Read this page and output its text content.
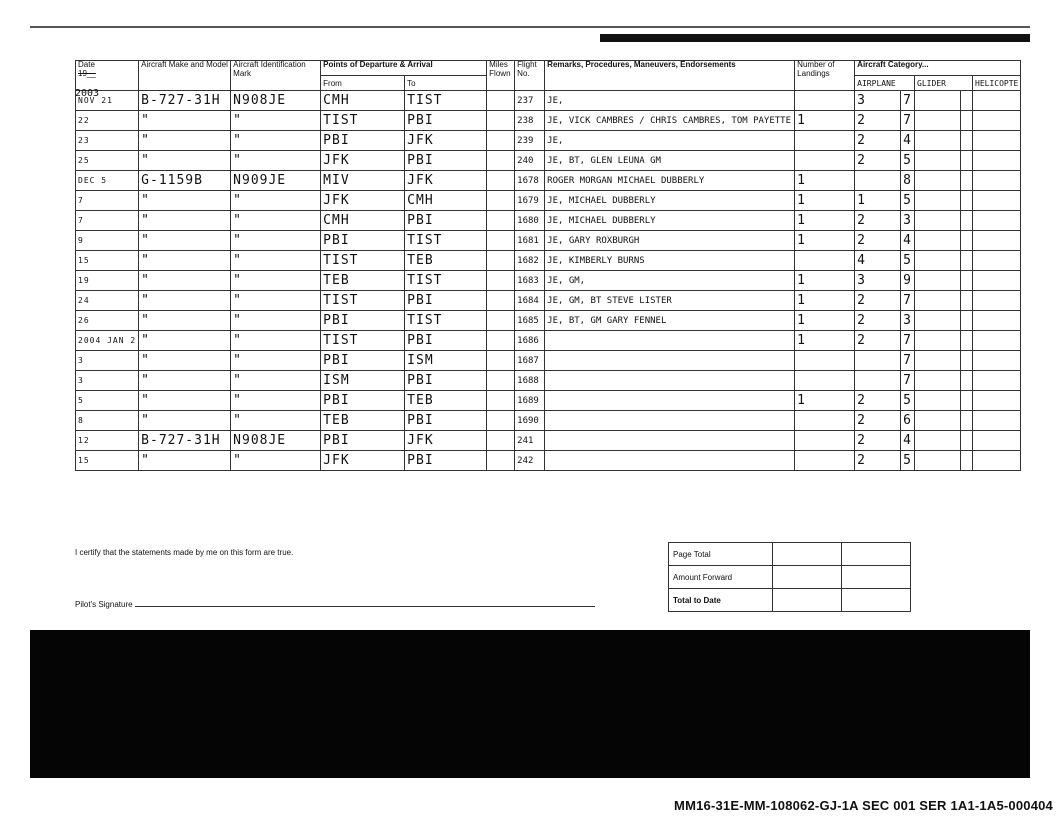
Date
19__	Aircraft Make and Model	Aircraft Identification Mark	Points of Departure & Arrival		Miles Flown	Flight No.	Remarks, Procedures, Maneuvers, Endorsements	Number of Landings	Aircraft Category...				
			From	To					AIRPLANE		GLIDER		HELICOPTE
NOV 21	B-727-31H	N908JE	CMH	TIST		237	JE,		3	7			
22	"	"	TIST	PBI		238	JE, VICK CAMBRES / CHRIS CAMBRES, TOM PAYETTE	1	2	7			
23	"	"	PBI	JFK		239	JE,		2	4			
25	"	"	JFK	PBI		240	JE, BT, GLEN LEUNA GM		2	5			
DEC 5	G-1159B	N909JE	MIV	JFK		1678	ROGER MORGAN MICHAEL DUBBERLY	1		8			
7	"	"	JFK	CMH		1679	JE, MICHAEL DUBBERLY	1	1	5			
7	"	"	CMH	PBI		1680	JE, MICHAEL DUBBERLY	1	2	3			
9	"	"	PBI	TIST		1681	JE, GARY ROXBURGH	1	2	4			
15	"	"	TIST	TEB		1682	JE, KIMBERLY BURNS		4	5			
19	"	"	TEB	TIST		1683	JE, GM,	1	3	9			
24	"	"	TIST	PBI		1684	JE, GM, BT STEVE LISTER	1	2	7			
26	"	"	PBI	TIST		1685	JE, BT, GM GARY FENNEL	1	2	3			
2004 JAN 2	"	"	TIST	PBI		1686		1	2	7			
3	"	"	PBI	ISM		1687				7			
3	"	"	ISM	PBI		1688				7			
5	"	"	PBI	TEB		1689		1	2	5			
8	"	"	TEB	PBI		1690			2	6			
12	B-727-31H	N908JE	PBI	JFK		241			2	4			
15	"	"	JFK	PBI		242			2	5			
2003
I certify that the statements made by me on this form are true.
Pilot's Signature
Page Total		
Amount Forward		
Total to Date		
MM16-31E-MM-108062-GJ-1A SEC 001 SER 1A1-1A5-000404
